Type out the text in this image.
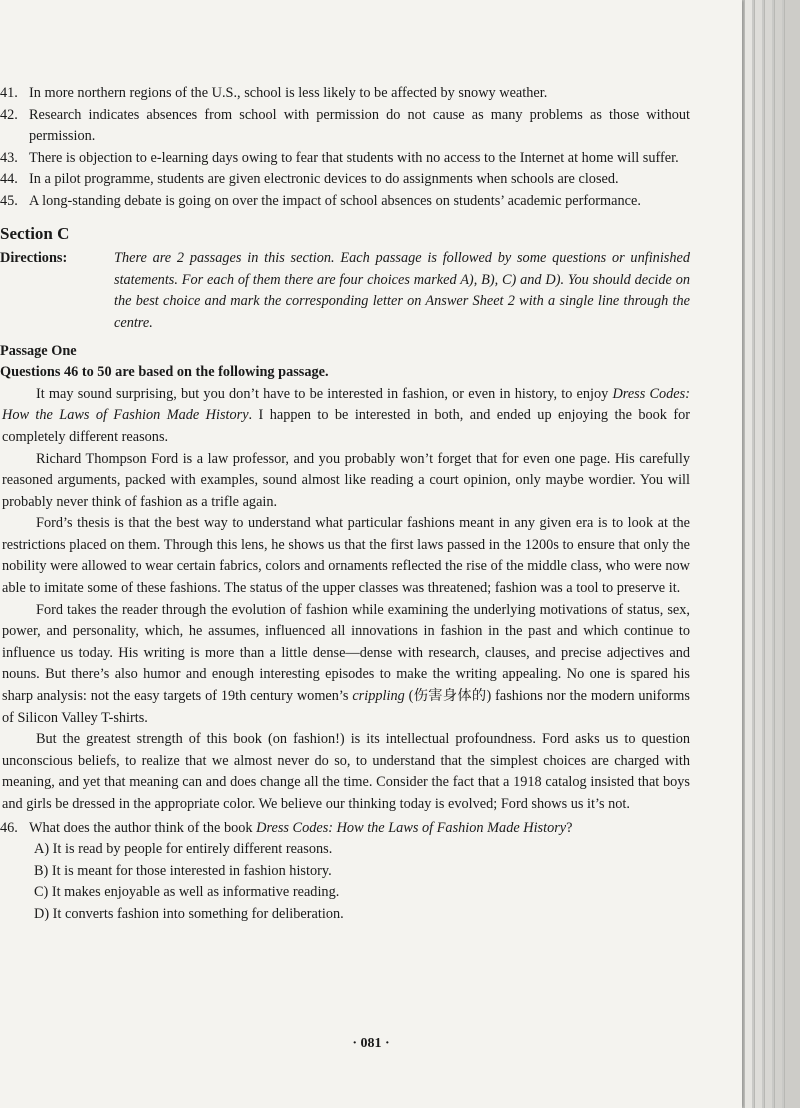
41. In more northern regions of the U.S., school is less likely to be affected by snowy weather.
42. Research indicates absences from school with permission do not cause as many problems as those without permission.
43. There is objection to e-learning days owing to fear that students with no access to the Internet at home will suffer.
44. In a pilot programme, students are given electronic devices to do assignments when schools are closed.
45. A long-standing debate is going on over the impact of school absences on students’ academic performance.
Section C
Directions:	There are 2 passages in this section. Each passage is followed by some questions or unfinished statements. For each of them there are four choices marked A), B), C) and D). You should decide on the best choice and mark the corresponding letter on Answer Sheet 2 with a single line through the centre.
Passage One
Questions 46 to 50 are based on the following passage.
It may sound surprising, but you don’t have to be interested in fashion, or even in history, to enjoy Dress Codes: How the Laws of Fashion Made History. I happen to be interested in both, and ended up enjoying the book for completely different reasons.
Richard Thompson Ford is a law professor, and you probably won’t forget that for even one page. His carefully reasoned arguments, packed with examples, sound almost like reading a court opinion, only maybe wordier. You will probably never think of fashion as a trifle again.
Ford’s thesis is that the best way to understand what particular fashions meant in any given era is to look at the restrictions placed on them. Through this lens, he shows us that the first laws passed in the 1200s to ensure that only the nobility were allowed to wear certain fabrics, colors and ornaments reflected the rise of the middle class, who were now able to imitate some of these fashions. The status of the upper classes was threatened; fashion was a tool to preserve it.
Ford takes the reader through the evolution of fashion while examining the underlying motivations of status, sex, power, and personality, which, he assumes, influenced all innovations in fashion in the past and which continue to influence us today. His writing is more than a little dense—dense with research, clauses, and precise adjectives and nouns. But there’s also humor and enough interesting episodes to make the writing appealing. No one is spared his sharp analysis: not the easy targets of 19th century women’s crippling (伤害身体的) fashions nor the modern uniforms of Silicon Valley T-shirts.
But the greatest strength of this book (on fashion!) is its intellectual profoundness. Ford asks us to question unconscious beliefs, to realize that we almost never do so, to understand that the simplest choices are charged with meaning, and yet that meaning can and does change all the time. Consider the fact that a 1918 catalog insisted that boys and girls be dressed in the appropriate color. We believe our thinking today is evolved; Ford shows us it’s not.
46. What does the author think of the book Dress Codes: How the Laws of Fashion Made History?
A) It is read by people for entirely different reasons.
B) It is meant for those interested in fashion history.
C) It makes enjoyable as well as informative reading.
D) It converts fashion into something for deliberation.
· 081 ·
